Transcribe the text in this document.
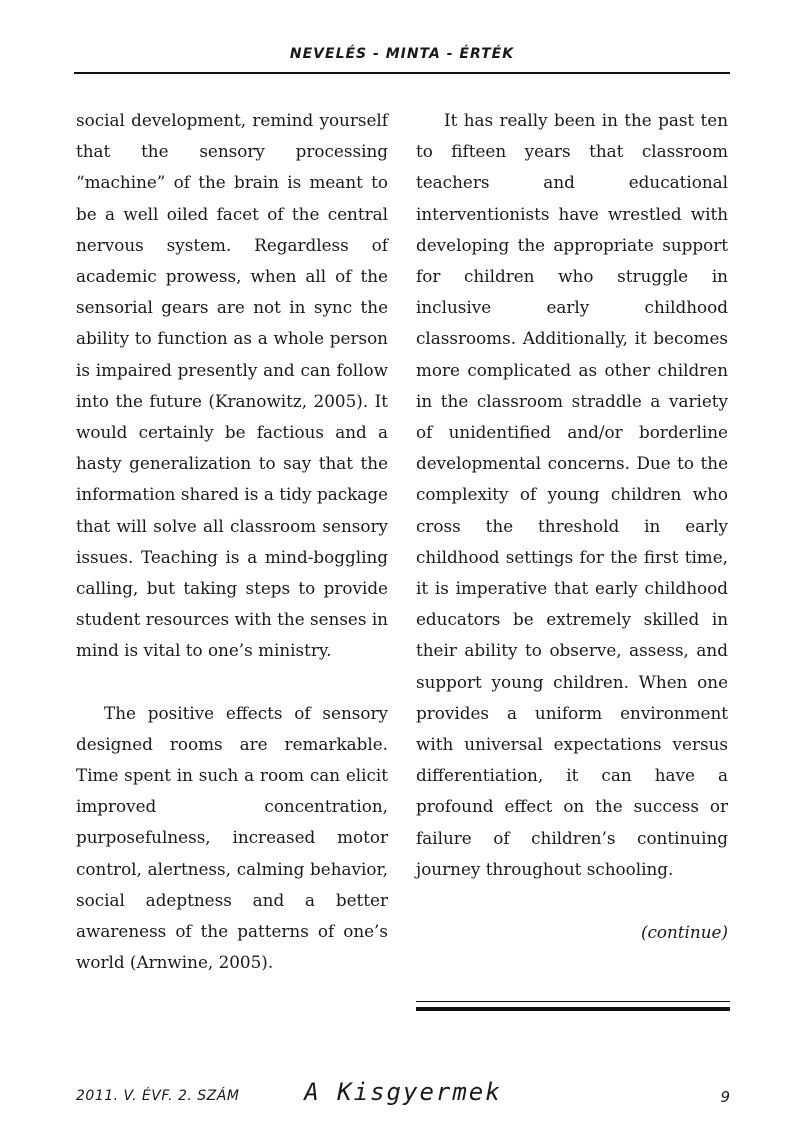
NEVELÉS - MINTA - ÉRTÉK

social development, remind yourself that the sensory processing “machine” of the brain is meant to be a well oiled facet of the central nervous system. Regardless of academic prowess, when all of the sensorial gears are not in sync the ability to function as a whole person is impaired presently and can follow into the future (Kranowitz, 2005). It would certainly be factious and a hasty generalization to say that the information shared is a tidy package that will solve all classroom sensory issues. Teaching is a mind-boggling calling, but taking steps to provide student resources with the senses in mind is vital to one’s ministry.

The positive effects of sensory designed rooms are remarkable. Time spent in such a room can elicit improved concentration, purposefulness, increased motor control, alertness, calming behavior, social adeptness and a better awareness of the patterns of one’s world (Arnwine, 2005).

It has really been in the past ten to fifteen years that classroom teachers and educational interventionists have wrestled with developing the appropriate support for children who struggle in inclusive early childhood classrooms. Additionally, it becomes more complicated as other children in the classroom straddle a variety of unidentified and/or borderline developmental concerns. Due to the complexity of young children who cross the threshold in early childhood settings for the first time, it is imperative that early childhood educators be extremely skilled in their ability to observe, assess, and support young children. When one provides a uniform environment with universal expectations versus differentiation, it can have a profound effect on the success or failure of children’s continuing journey throughout schooling.

(continue)

2011. V. ÉVF. 2. SZÁM	A Kisgyermek	9
